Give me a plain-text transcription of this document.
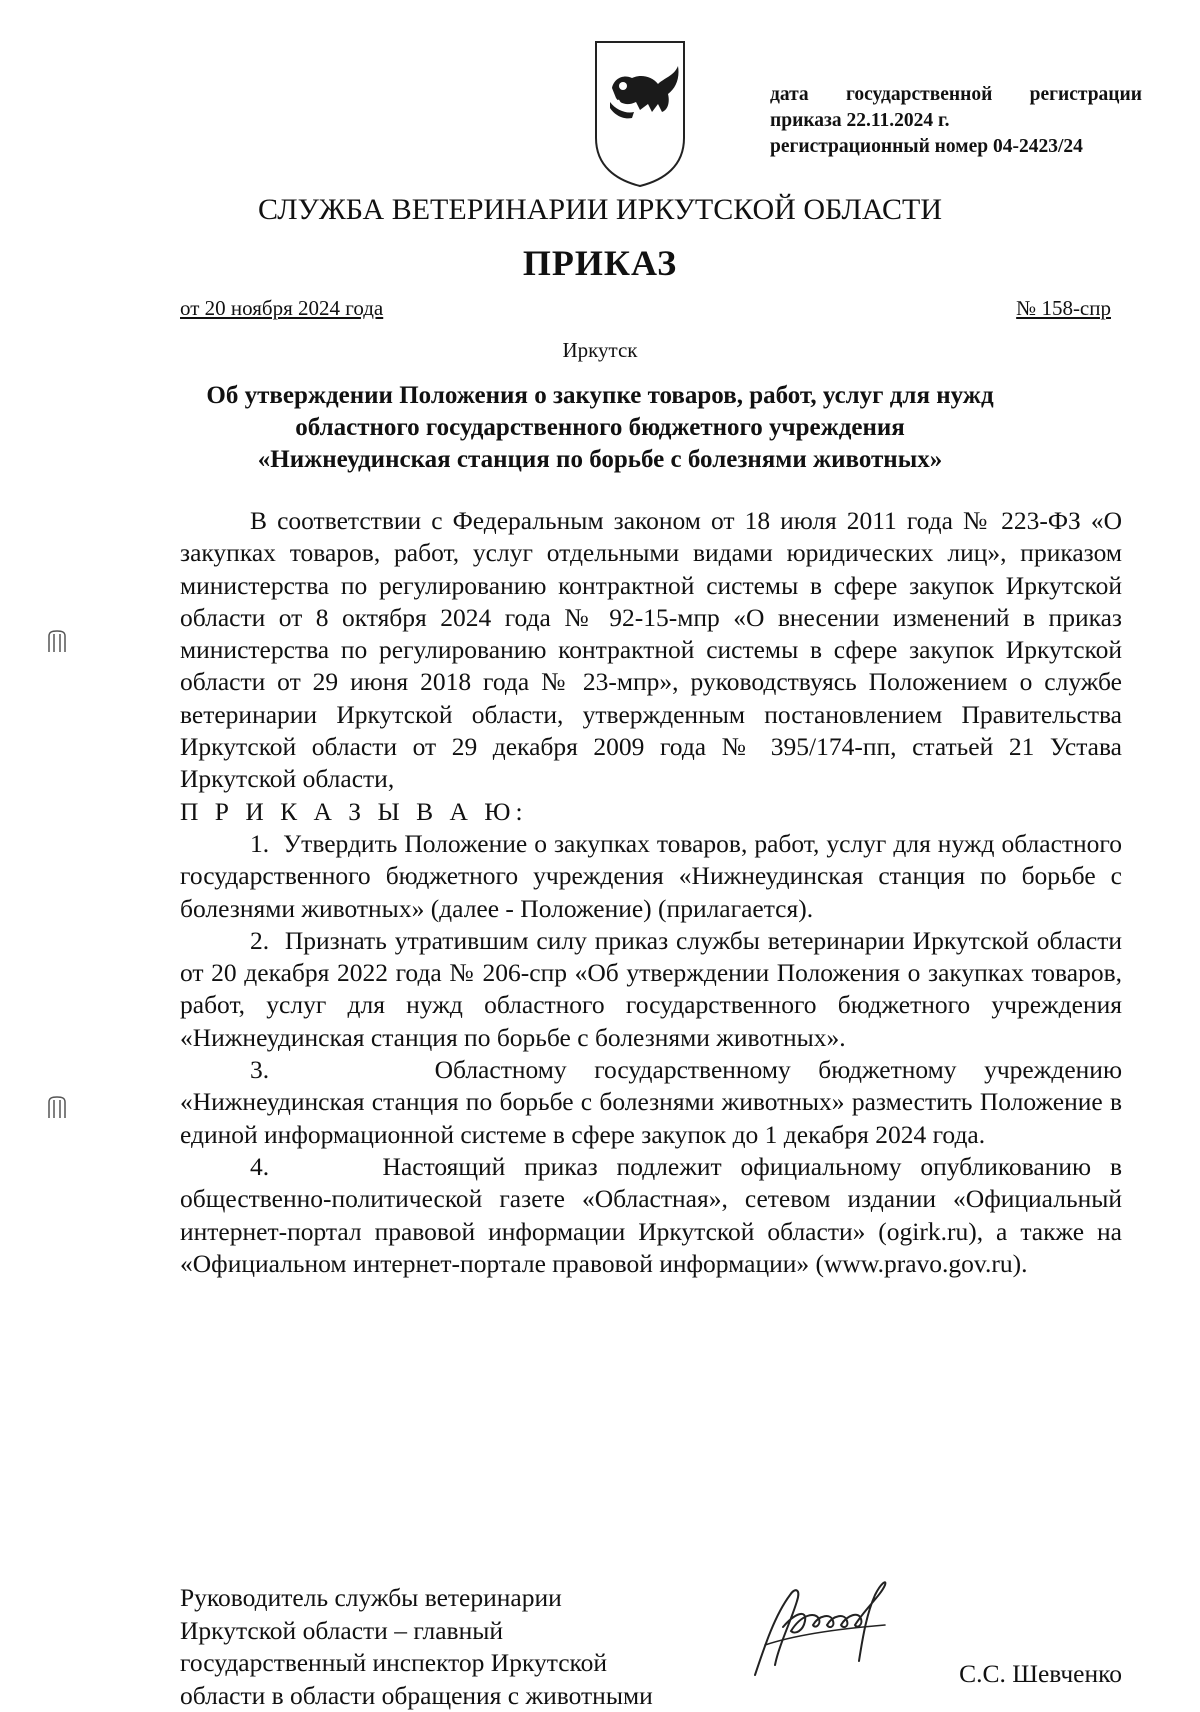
дата государственной регистрации
приказа 22.11.2024 г.
регистрационный номер 04-2423/24
СЛУЖБА ВЕТЕРИНАРИИ ИРКУТСКОЙ ОБЛАСТИ
ПРИКАЗ
от 20 ноября 2024 года	№ 158-спр
Иркутск
Об утверждении Положения о закупке товаров, работ, услуг для нужд
областного государственного бюджетного учреждения
«Нижнеудинская станция по борьбе с болезнями животных»

В соответствии с Федеральным законом от 18 июля 2011 года № 223-ФЗ «О закупках товаров, работ, услуг отдельными видами юридических лиц», приказом министерства по регулированию контрактной системы в сфере закупок Иркутской области от 8 октября 2024 года № 92-15-мпр «О внесении изменений в приказ министерства по регулированию контрактной системы в сфере закупок Иркутской области от 29 июня 2018 года № 23-мпр», руководствуясь Положением о службе ветеринарии Иркутской области, утвержденным постановлением Правительства Иркутской области от 29 декабря 2009 года № 395/174-пп, статьей 21 Устава Иркутской области,

П Р И К А З Ы В А Ю:

1. Утвердить Положение о закупках товаров, работ, услуг для нужд областного государственного бюджетного учреждения «Нижнеудинская станция по борьбе с болезнями животных» (далее - Положение) (прилагается).

2. Признать утратившим силу приказ службы ветеринарии Иркутской области от 20 декабря 2022 года № 206-спр «Об утверждении Положения о закупках товаров, работ, услуг для нужд областного государственного бюджетного учреждения «Нижнеудинская станция по борьбе с болезнями животных».

3.	Областному государственному бюджетному учреждению «Нижнеудинская станция по борьбе с болезнями животных» разместить Положение в единой информационной системе в сфере закупок до 1 декабря 2024 года.

4.	Настоящий приказ подлежит официальному опубликованию в общественно-политической газете «Областная», сетевом издании «Официальный интернет-портал правовой информации Иркутской области» (ogirk.ru), а также на «Официальном интернет-портале правовой информации» (www.pravo.gov.ru).

Руководитель службы ветеринарии
Иркутской области – главный
государственный инспектор Иркутской
области в области обращения с животными
С.С. Шевченко
